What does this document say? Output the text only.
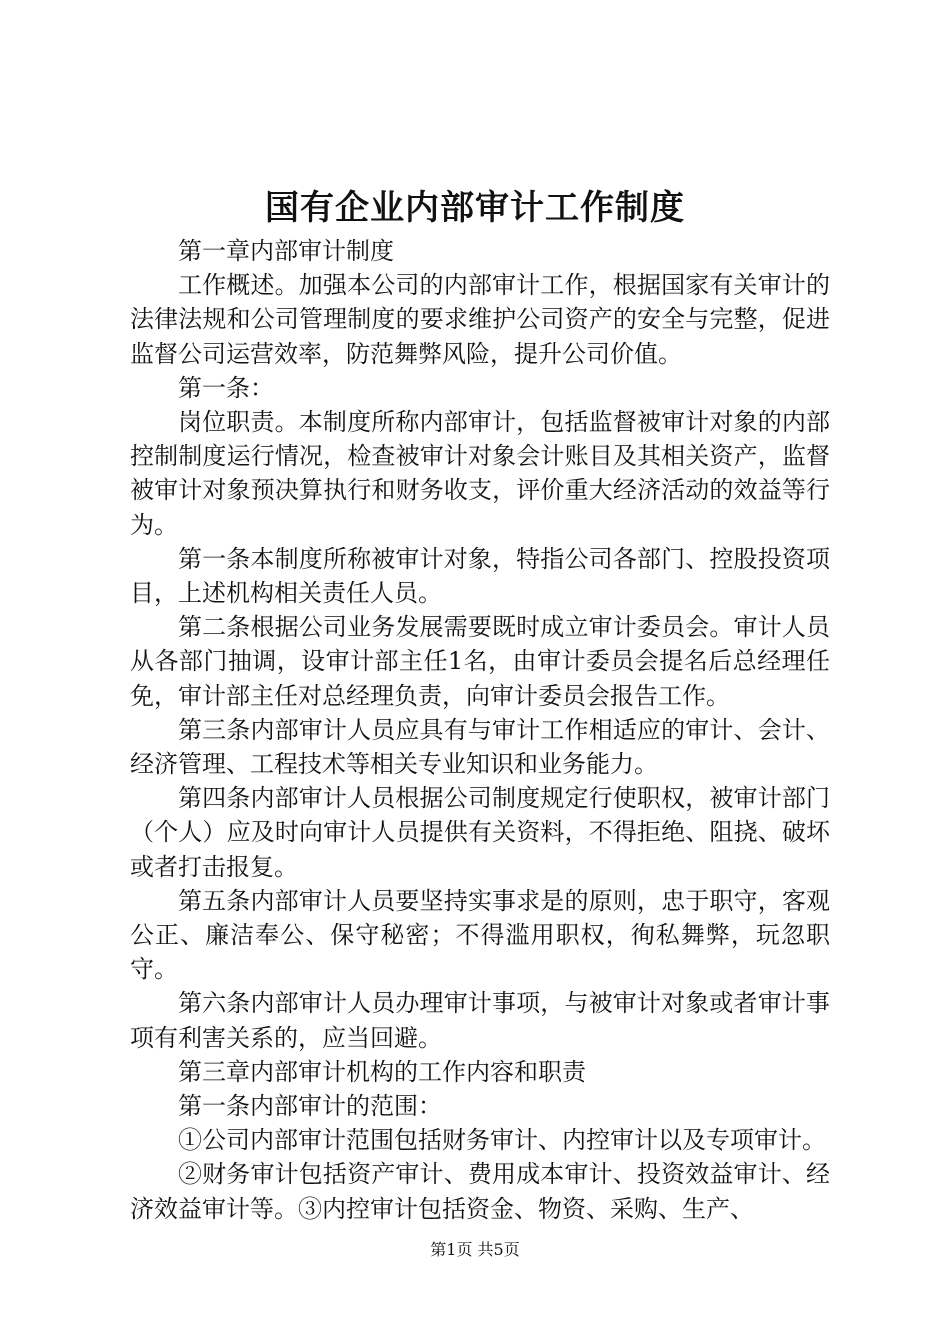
国有企业内部审计工作制度

第一章内部审计制度

工作概述。加强本公司的内部审计工作，根据国家有关审计的法律法规和公司管理制度的要求维护公司资产的安全与完整，促进监督公司运营效率，防范舞弊风险，提升公司价值。

第一条：

岗位职责。本制度所称内部审计，包括监督被审计对象的内部控制制度运行情况，检查被审计对象会计账目及其相关资产，监督被审计对象预决算执行和财务收支，评价重大经济活动的效益等行为。

第一条本制度所称被审计对象，特指公司各部门、控股投资项目，上述机构相关责任人员。

第二条根据公司业务发展需要既时成立审计委员会。审计人员从各部门抽调，设审计部主任1名，由审计委员会提名后总经理任免，审计部主任对总经理负责，向审计委员会报告工作。

第三条内部审计人员应具有与审计工作相适应的审计、会计、经济管理、工程技术等相关专业知识和业务能力。

第四条内部审计人员根据公司制度规定行使职权，被审计部门（个人）应及时向审计人员提供有关资料，不得拒绝、阻挠、破坏或者打击报复。

第五条内部审计人员要坚持实事求是的原则，忠于职守，客观公正、廉洁奉公、保守秘密；不得滥用职权，徇私舞弊，玩忽职守。

第六条内部审计人员办理审计事项，与被审计对象或者审计事项有利害关系的，应当回避。

第三章内部审计机构的工作内容和职责

第一条内部审计的范围：

①公司内部审计范围包括财务审计、内控审计以及专项审计。

②财务审计包括资产审计、费用成本审计、投资效益审计、经济效益审计等。③内控审计包括资金、物资、采购、生产、

第1页 共5页
